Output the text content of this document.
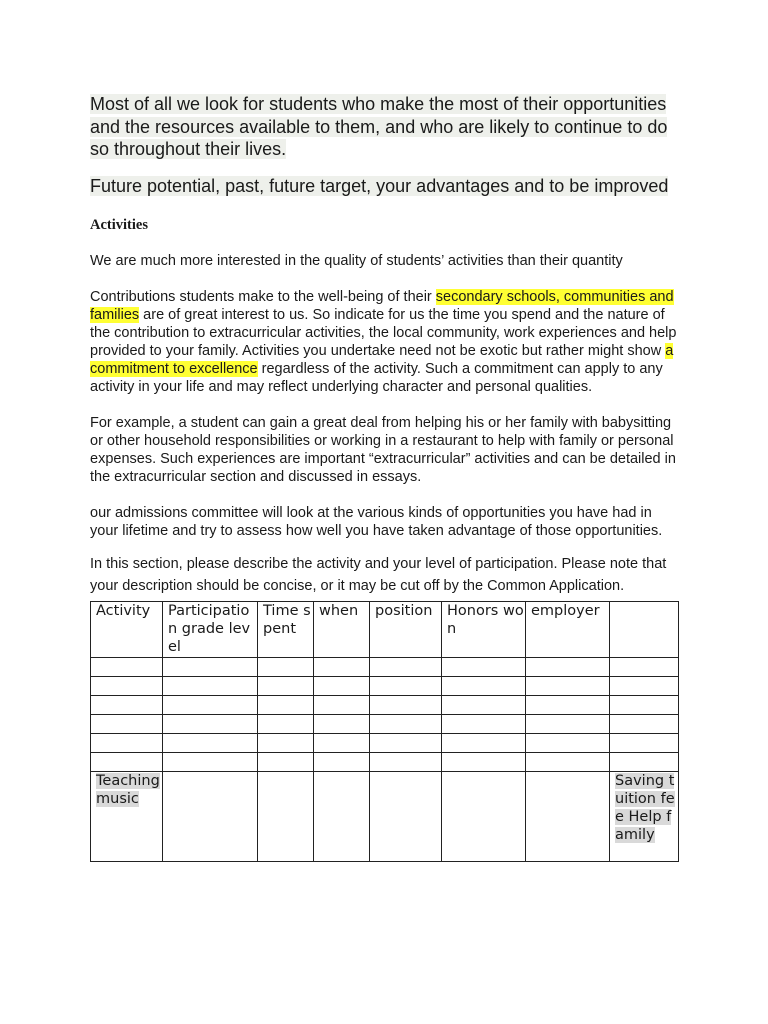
Most of all we look for students who make the most of their opportunities and the resources available to them, and who are likely to continue to do so throughout their lives.

Future potential, past, future target, your advantages and to be improved

Activities

We are much more interested in the quality of students’ activities than their quantity

Contributions students make to the well-being of their secondary schools, communities and families are of great interest to us. So indicate for us the time you spend and the nature of the contribution to extracurricular activities, the local community, work experiences and help provided to your family. Activities you undertake need not be exotic but rather might show a commitment to excellence regardless of the activity. Such a commitment can apply to any activity in your life and may reflect underlying character and personal qualities.

For example, a student can gain a great deal from helping his or her family with babysitting or other household responsibilities or working in a restaurant to help with family or personal expenses. Such experiences are important “extracurricular” activities and can be detailed in the extracurricular section and discussed in essays.

our admissions committee will look at the various kinds of opportunities you have had in your lifetime and try to assess how well you have taken advantage of those opportunities.

In this section, please describe the activity and your level of participation. Please note that your description should be concise, or it may be cut off by the Common Application.

Activity	Participation grade level	Time spent	when	position	Honors won	employer	

Teaching music							Saving tuition fee Help family
